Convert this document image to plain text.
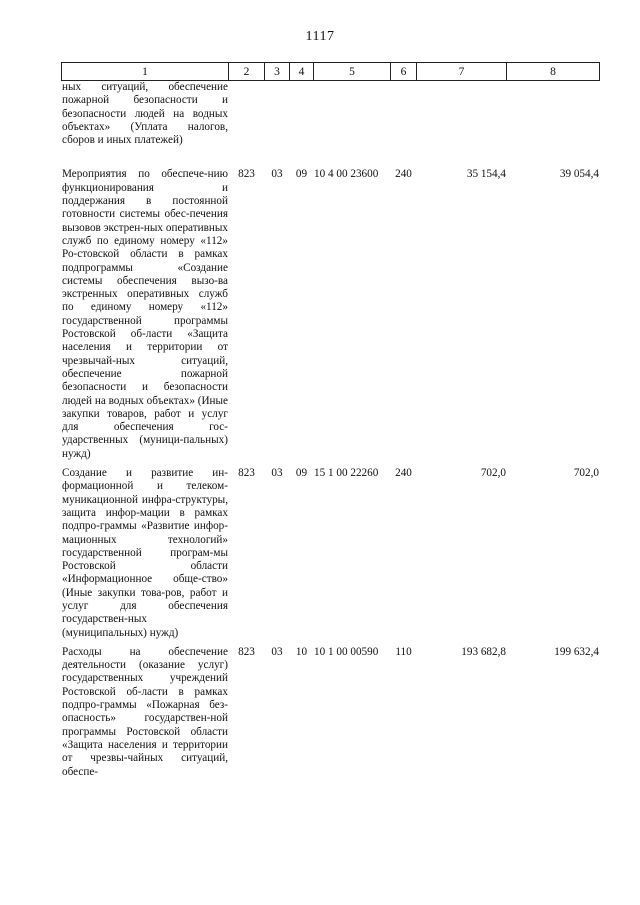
1117
1	2	3	4	5	6	7	8

ных ситуаций, обеспечение пожарной безопасности и безопасности людей на водных объектах» (Уплата налогов, сборов и иных платежей)							

Мероприятия по обеспече-нию функционирования и поддержания в постоянной готовности системы обес-печения вызовов экстрен-ных оперативных служб по единому номеру «112» Ро-стовской области в рамках подпрограммы «Создание системы обеспечения вызо-ва экстренных оперативных служб по единому номеру «112» государственной программы Ростовской об-ласти «Защита населения и территории от чрезвычай-ных ситуаций, обеспечение пожарной безопасности и безопасности людей на водных объектах» (Иные закупки товаров, работ и услуг для обеспечения гос-ударственных (муници-пальных) нужд)	823	03	09	10 4 00 23600	240	35 154,4	39 054,4

Создание и развитие ин-формационной и телеком-муникационной инфра-структуры, защита инфор-мации в рамках подпро-граммы «Развитие инфор-мационных технологий» государственной програм-мы Ростовской области «Информационное обще-ство» (Иные закупки това-ров, работ и услуг для обеспечения государствен-ных (муниципальных) нужд)	823	03	09	15 1 00 22260	240	702,0	702,0

Расходы на обеспечение деятельности (оказание услуг) государственных учреждений Ростовской об-ласти в рамках подпро-граммы «Пожарная без-опасность» государствен-ной программы Ростовской области «Защита населения и территории от чрезвы-чайных ситуаций, обеспе-	823	03	10	10 1 00 00590	110	193 682,8	199 632,4
